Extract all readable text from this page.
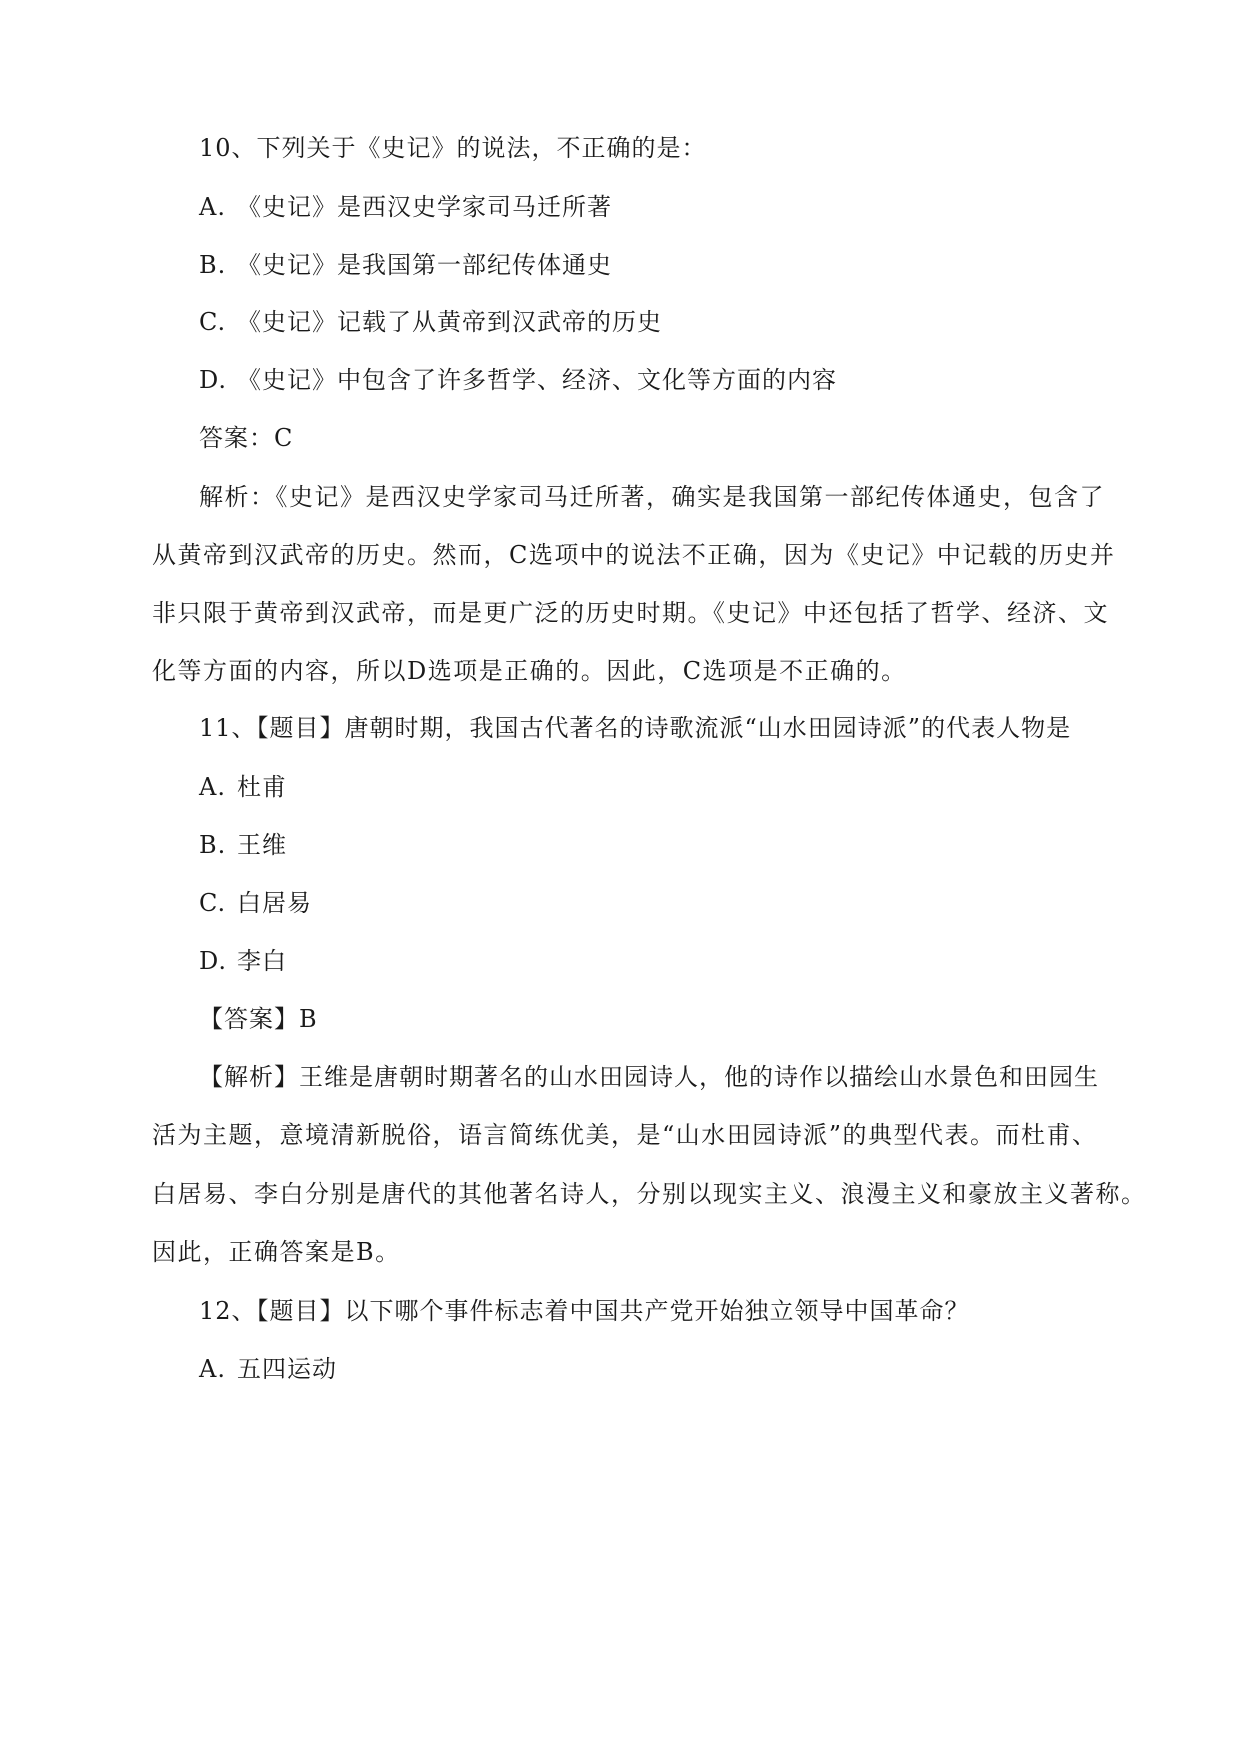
10、下列关于《史记》的说法，不正确的是：
A. 《史记》是西汉史学家司马迁所著
B. 《史记》是我国第一部纪传体通史
C. 《史记》记载了从黄帝到汉武帝的历史
D. 《史记》中包含了许多哲学、经济、文化等方面的内容
答案：C
解析：《史记》是西汉史学家司马迁所著，确实是我国第一部纪传体通史，包含了
从黄帝到汉武帝的历史。然而，C选项中的说法不正确，因为《史记》中记载的历史并
非只限于黄帝到汉武帝，而是更广泛的历史时期。《史记》中还包括了哲学、经济、文
化等方面的内容，所以D选项是正确的。因此，C选项是不正确的。
11、【题目】唐朝时期，我国古代著名的诗歌流派“山水田园诗派”的代表人物是
A. 杜甫
B. 王维
C. 白居易
D. 李白
【答案】B
【解析】王维是唐朝时期著名的山水田园诗人，他的诗作以描绘山水景色和田园生
活为主题，意境清新脱俗，语言简练优美，是“山水田园诗派”的典型代表。而杜甫、
白居易、李白分别是唐代的其他著名诗人，分别以现实主义、浪漫主义和豪放主义著称。
因此，正确答案是B。
12、【题目】以下哪个事件标志着中国共产党开始独立领导中国革命？
A. 五四运动
